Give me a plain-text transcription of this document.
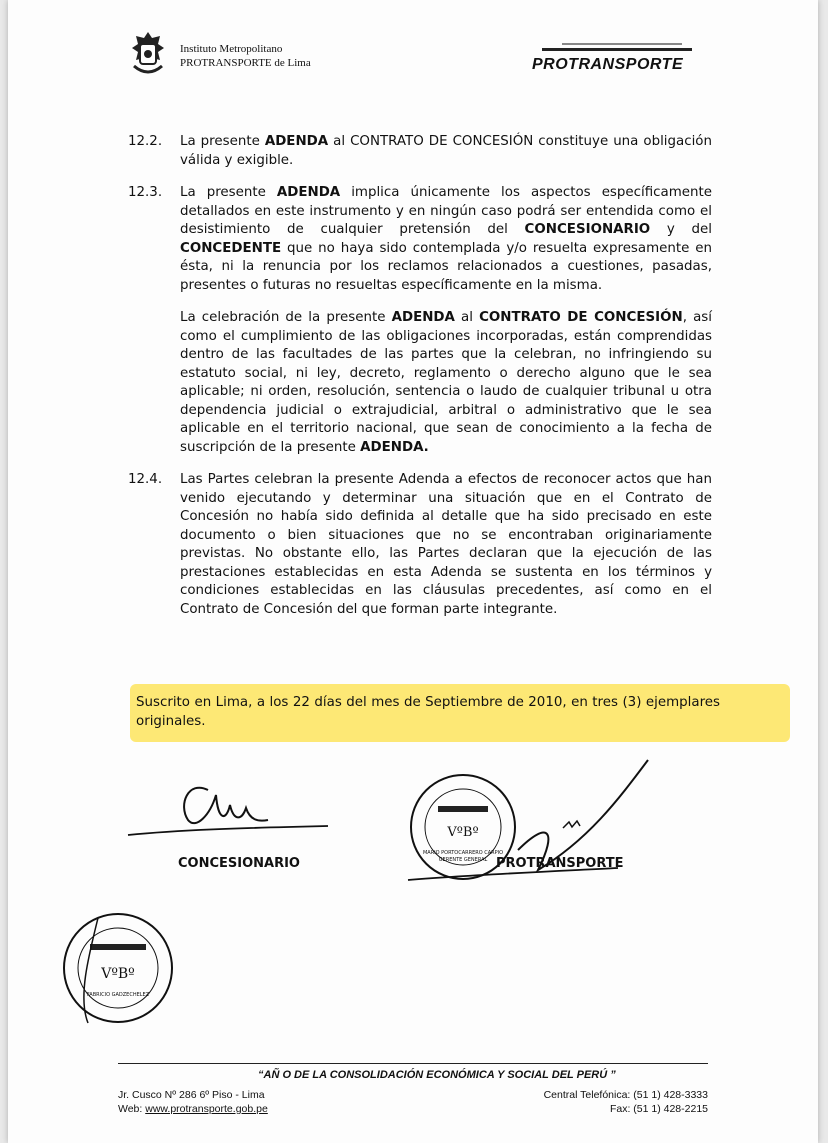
Instituto Metropolitano
PROTRANSPORTE de Lima	PROTRANSPORTE
12.2. La presente ADENDA al CONTRATO DE CONCESIÓN constituye una obligación válida y exigible.

12.3. La presente ADENDA implica únicamente los aspectos específicamente detallados en este instrumento y en ningún caso podrá ser entendida como el desistimiento de cualquier pretensión del CONCESIONARIO y del CONCEDENTE que no haya sido contemplada y/o resuelta expresamente en ésta, ni la renuncia por los reclamos relacionados a cuestiones, pasadas, presentes o futuras no resueltas específicamente en la misma.

La celebración de la presente ADENDA al CONTRATO DE CONCESIÓN, así como el cumplimiento de las obligaciones incorporadas, están comprendidas dentro de las facultades de las partes que la celebran, no infringiendo su estatuto social, ni ley, decreto, reglamento o derecho alguno que le sea aplicable; ni orden, resolución, sentencia o laudo de cualquier tribunal u otra dependencia judicial o extrajudicial, arbitral o administrativo que le sea aplicable en el territorio nacional, que sean de conocimiento a la fecha de suscripción de la presente ADENDA.

12.4. Las Partes celebran la presente Adenda a efectos de reconocer actos que han venido ejecutando y determinar una situación que en el Contrato de Concesión no había sido definida al detalle que ha sido precisado en este documento o bien situaciones que no se encontraban originariamente previstas. No obstante ello, las Partes declaran que la ejecución de las prestaciones establecidas en esta Adenda se sustenta en los términos y condiciones establecidas en las cláusulas precedentes, así como en el Contrato de Concesión del que forman parte integrante.

Suscrito en Lima, a los 22 días del mes de Septiembre de 2010, en tres (3) ejemplares originales.
CONCESIONARIO
VºBº
MARIO PORTOCARRERO CARPIO
GERENTE GENERAL PROTRANSPORTE
VºBº
FABRICIO GADZECHELEZ
“AÑ O DE LA CONSOLIDACIÓN ECONÓMICA Y SOCIAL DEL PERÚ ”
Jr. Cusco Nº 286 6º Piso - Lima
Web: www.protransporte.gob.pe
Central Telefónica: (51 1) 428-3333
Fax: (51 1) 428-2215
